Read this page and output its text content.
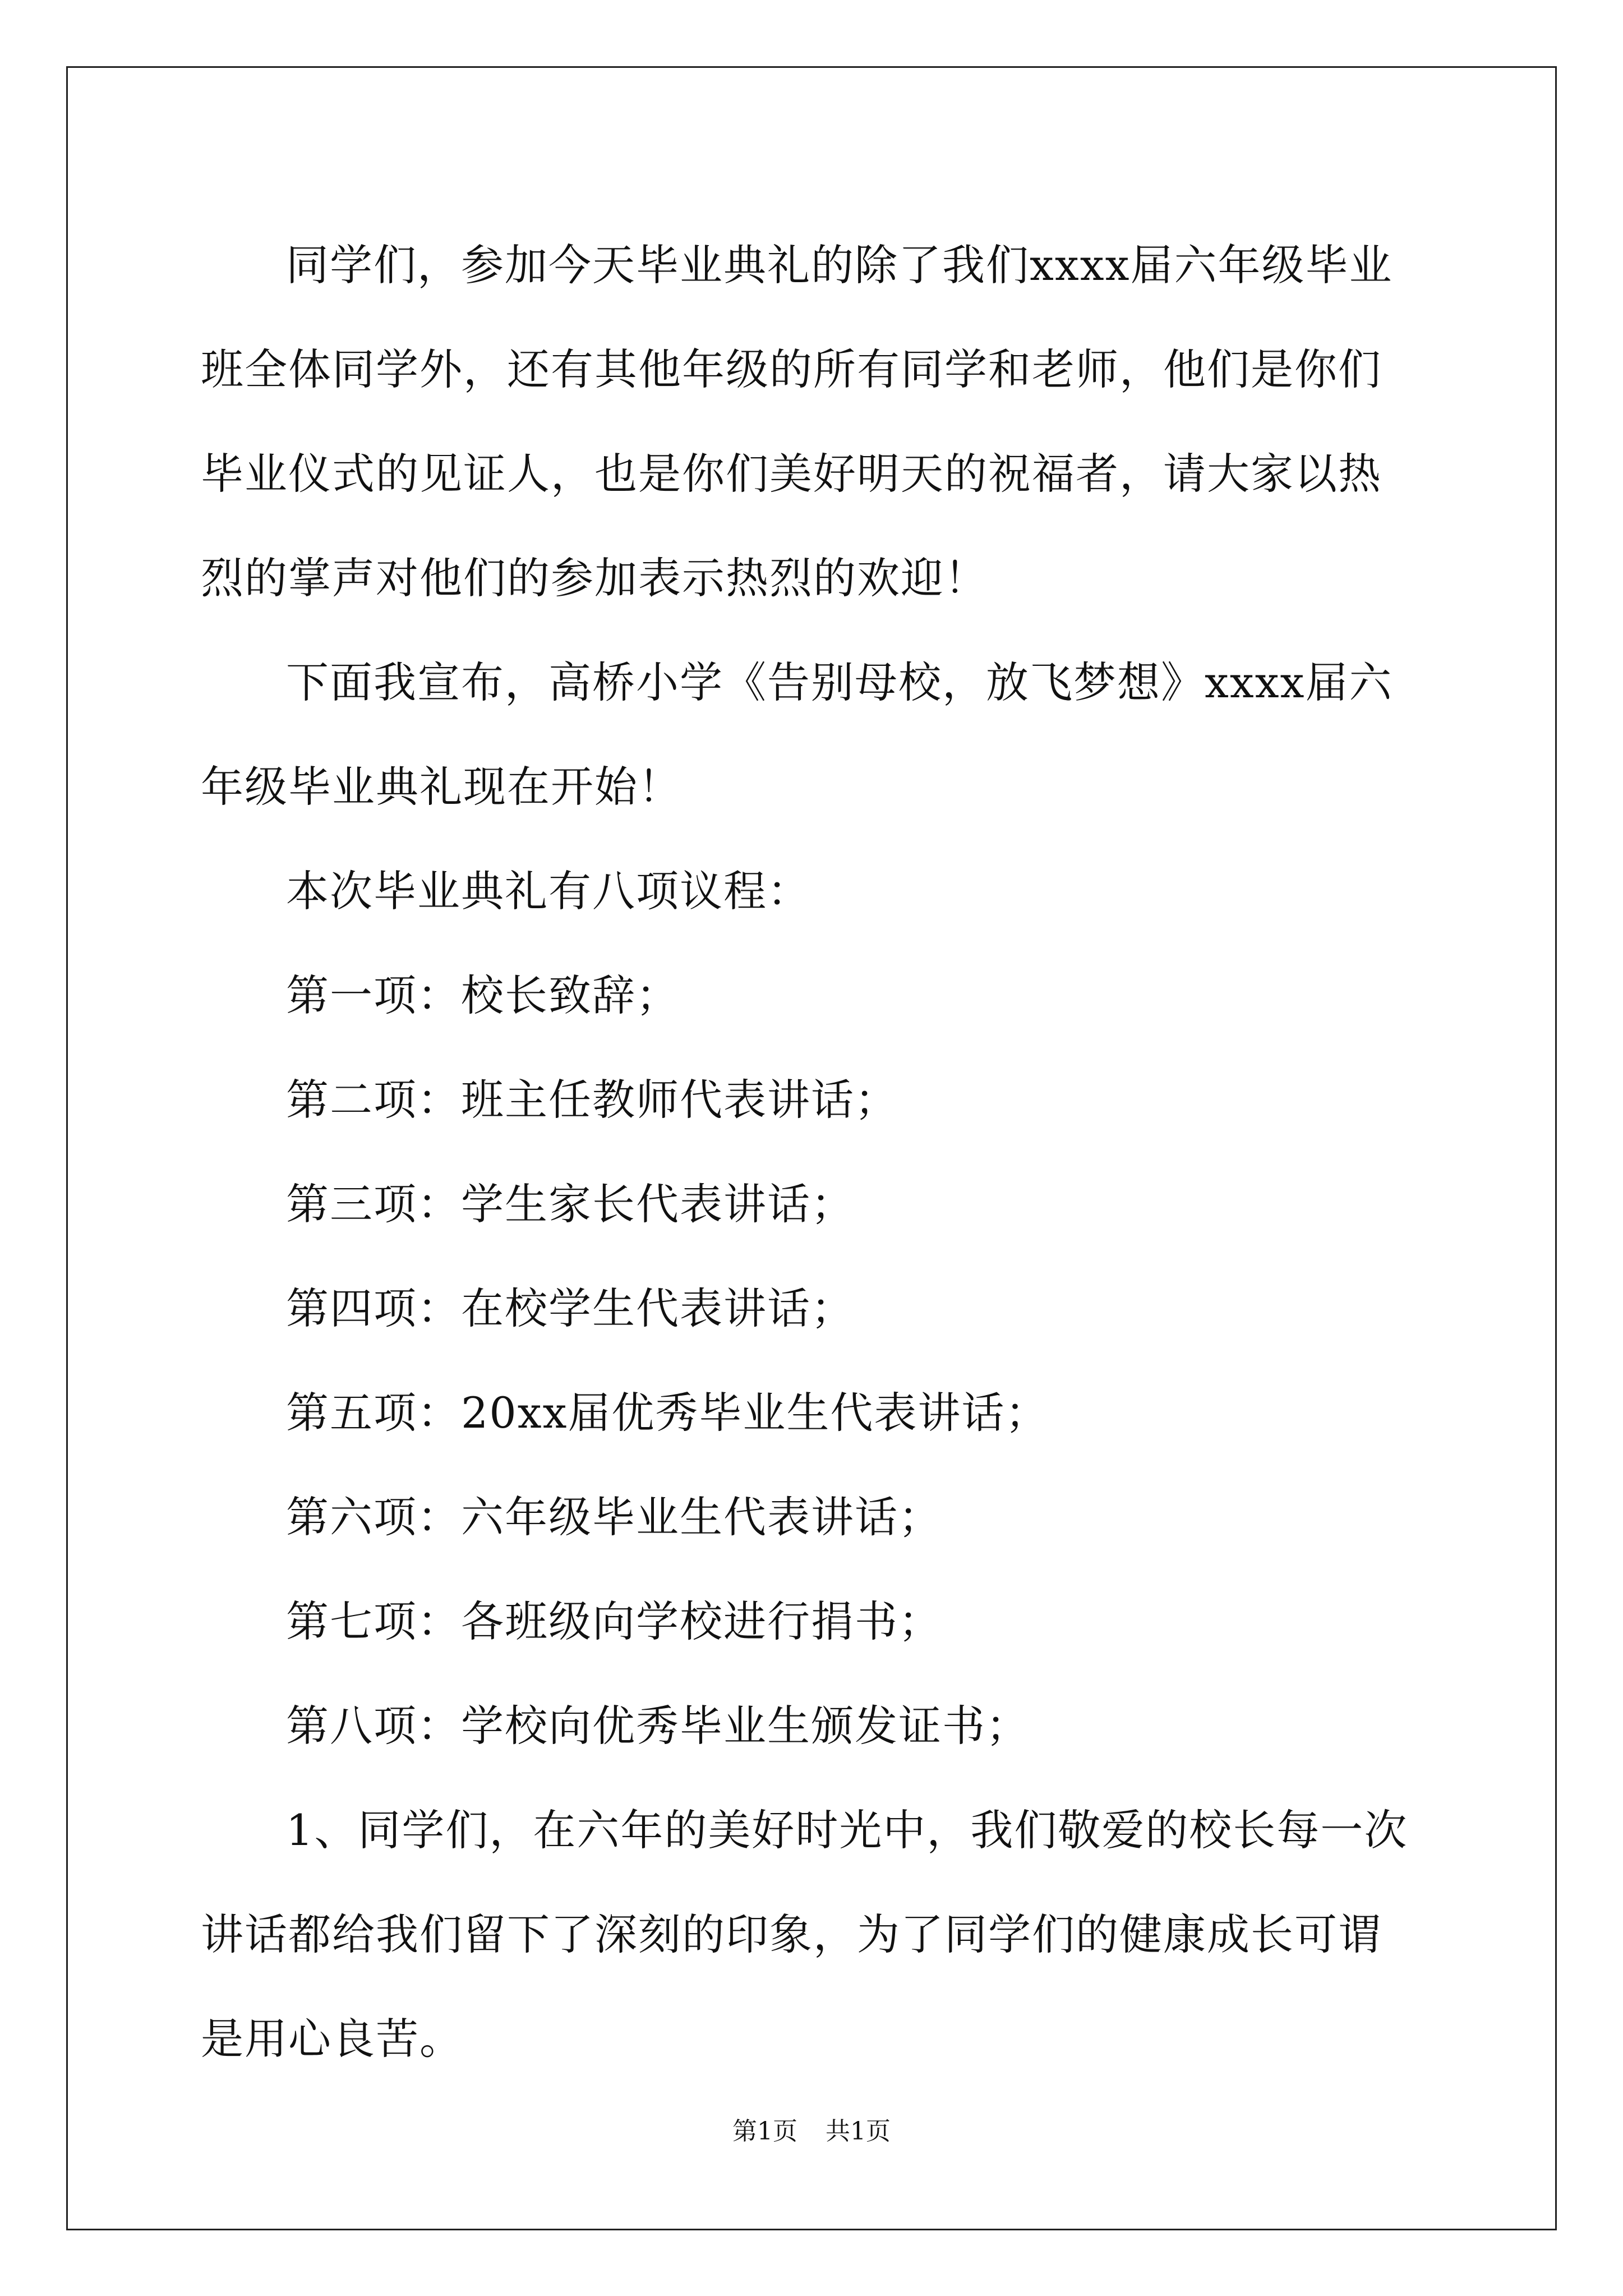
同学们，参加今天毕业典礼的除了我们xxxx届六年级毕业班全体同学外，还有其他年级的所有同学和老师，他们是你们毕业仪式的见证人，也是你们美好明天的祝福者，请大家以热烈的掌声对他们的参加表示热烈的欢迎！

下面我宣布，高桥小学《告别母校，放飞梦想》xxxx届六年级毕业典礼现在开始！

本次毕业典礼有八项议程：

第一项：校长致辞；

第二项：班主任教师代表讲话；

第三项：学生家长代表讲话；

第四项：在校学生代表讲话；

第五项：20xx届优秀毕业生代表讲话；

第六项：六年级毕业生代表讲话；

第七项：各班级向学校进行捐书；

第八项：学校向优秀毕业生颁发证书；

1、同学们，在六年的美好时光中，我们敬爱的校长每一次讲话都给我们留下了深刻的印象，为了同学们的健康成长可谓是用心良苦。

第1页 共1页
